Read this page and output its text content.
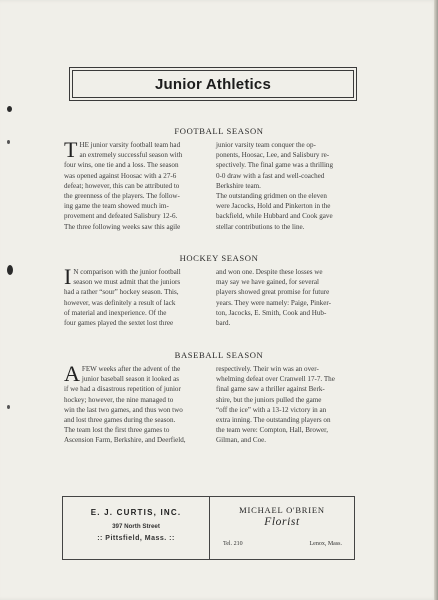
Junior Athletics
FOOTBALL SEASON
THE junior varsity football team had
an extremely successful season with
four wins, one tie and a loss. The season
was opened against Hoosac with a 27-6
defeat; however, this can be attributed to
the greenness of the players. The follow-
ing game the team showed much im-
provement and defeated Salisbury 12-6.
The three following weeks saw this agile
junior varsity team conquer the op-
ponents, Hoosac, Lee, and Salisbury re-
spectively. The final game was a thrilling
0-0 draw with a fast and well-coached
Berkshire team.
The outstanding gridmen on the eleven
were Jacocks, Hold and Pinkerton in the
backfield, while Hubbard and Cook gave
stellar contributions to the line.
HOCKEY SEASON
I N comparison with the junior football
season we must admit that the juniors
had a rather “sour” hockey season. This,
however, was definitely a result of lack
of material and inexperience. Of the
four games played the sextet lost three
and won one. Despite these losses we
may say we have gained, for several
players showed great promise for future
years. They were namely: Paige, Pinker-
ton, Jacocks, E. Smith, Cook and Hub-
bard.
BASEBALL SEASON
AFEW weeks after the advent of the
junior baseball season it looked as
if we had a disastrous repetition of junior
hockey; however, the nine managed to
win the last two games, and thus won two
and lost three games during the season.
The team lost the first three games to
Ascension Farm, Berkshire, and Deerfield,
respectively. Their win was an over-
whelming defeat over Cranwell 17-7. The
final game saw a thriller against Berk-
shire, but the juniors pulled the game
“off the ice” with a 13-12 victory in an
extra inning. The outstanding players on
the team were: Compton, Hall, Brower,
Gilman, and Coe.
E. J. CURTIS, INC.
397 North Street
:: Pittsfield, Mass. ::
MICHAEL O'BRIEN
Florist
Tel. 210	Lenox, Mass.
